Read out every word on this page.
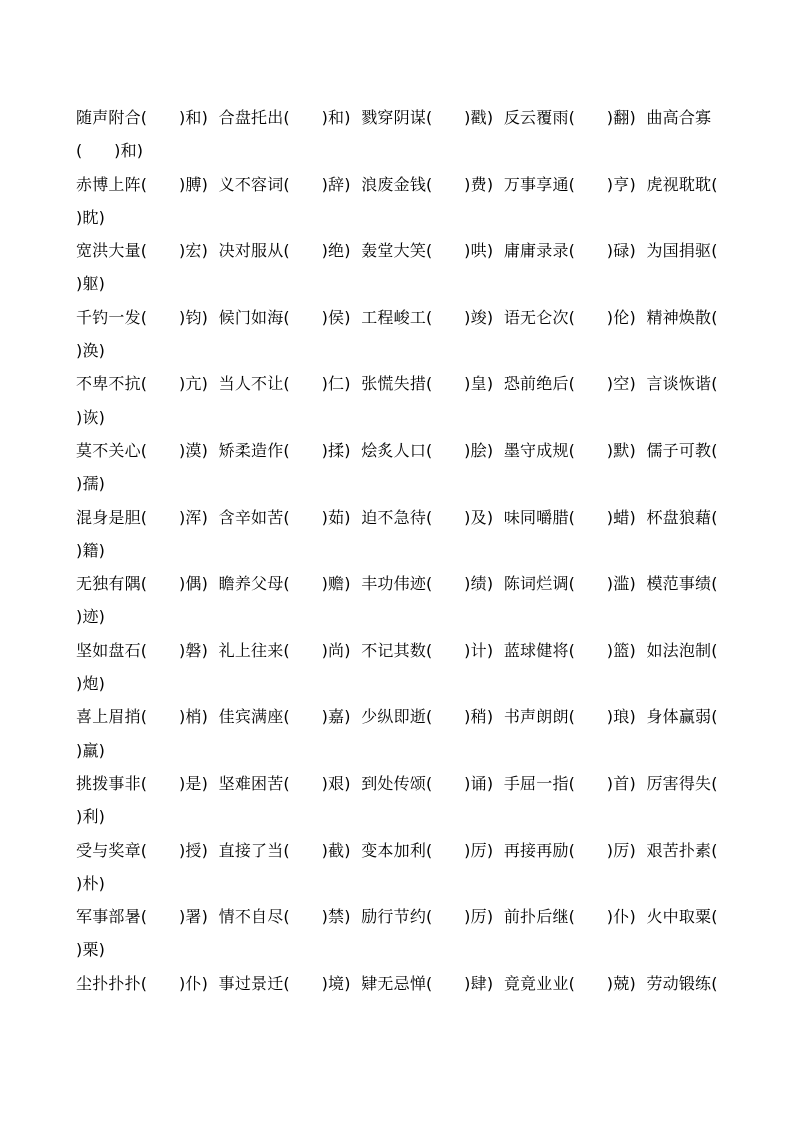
随声附合(      )和)  合盘托出(      )和)  戮穿阴谋(      )戳)  反云覆雨(      )翻)  曲高合寡
(      )和)
赤博上阵(      )膊)  义不容词(      )辞)  浪废金钱(      )费)  万事享通(      )亨)  虎视耽耽(
)眈)
宽洪大量(      )宏)  决对服从(      )绝)  轰堂大笑(      )哄)  庸庸录录(      )碌)  为国捐驱(
)躯)
千钓一发(      )钧)  候门如海(      )侯)  工程峻工(      )竣)  语无仑次(      )伦)  精神焕散(
)涣)
不卑不抗(      )亢)  当人不让(      )仁)  张慌失措(      )皇)  恐前绝后(      )空)  言谈恢谐(
)诙)
莫不关心(      )漠)  矫柔造作(      )揉)  烩炙人口(      )脍)  墨守成规(      )默)  儒子可教(
)孺)
混身是胆(      )浑)  含辛如苦(      )茹)  迫不急待(      )及)  味同嚼腊(      )蜡)  杯盘狼藉(
)籍)
无独有隅(      )偶)  瞻养父母(      )赡)  丰功伟迹(      )绩)  陈词烂调(      )滥)  模范事绩(
)迹)
坚如盘石(      )磐)  礼上往来(      )尚)  不记其数(      )计)  蓝球健将(      )篮)  如法泡制(
)炮)
喜上眉捎(      )梢)  佳宾满座(      )嘉)  少纵即逝(      )稍)  书声朗朗(      )琅)  身体赢弱(
)羸)
挑拨事非(      )是)  坚难困苦(      )艰)  到处传颂(      )诵)  手屈一指(      )首)  厉害得失(
)利)
受与奖章(      )授)  直接了当(      )截)  变本加利(      )厉)  再接再励(      )厉)  艰苦扑素(
)朴)
军事部暑(      )署)  情不自尽(      )禁)  励行节约(      )厉)  前扑后继(      )仆)  火中取粟(
)栗)
尘扑扑扑(      )仆)  事过景迁(      )境)  肄无忌惮(      )肆)  竟竟业业(      )兢)  劳动锻练(
